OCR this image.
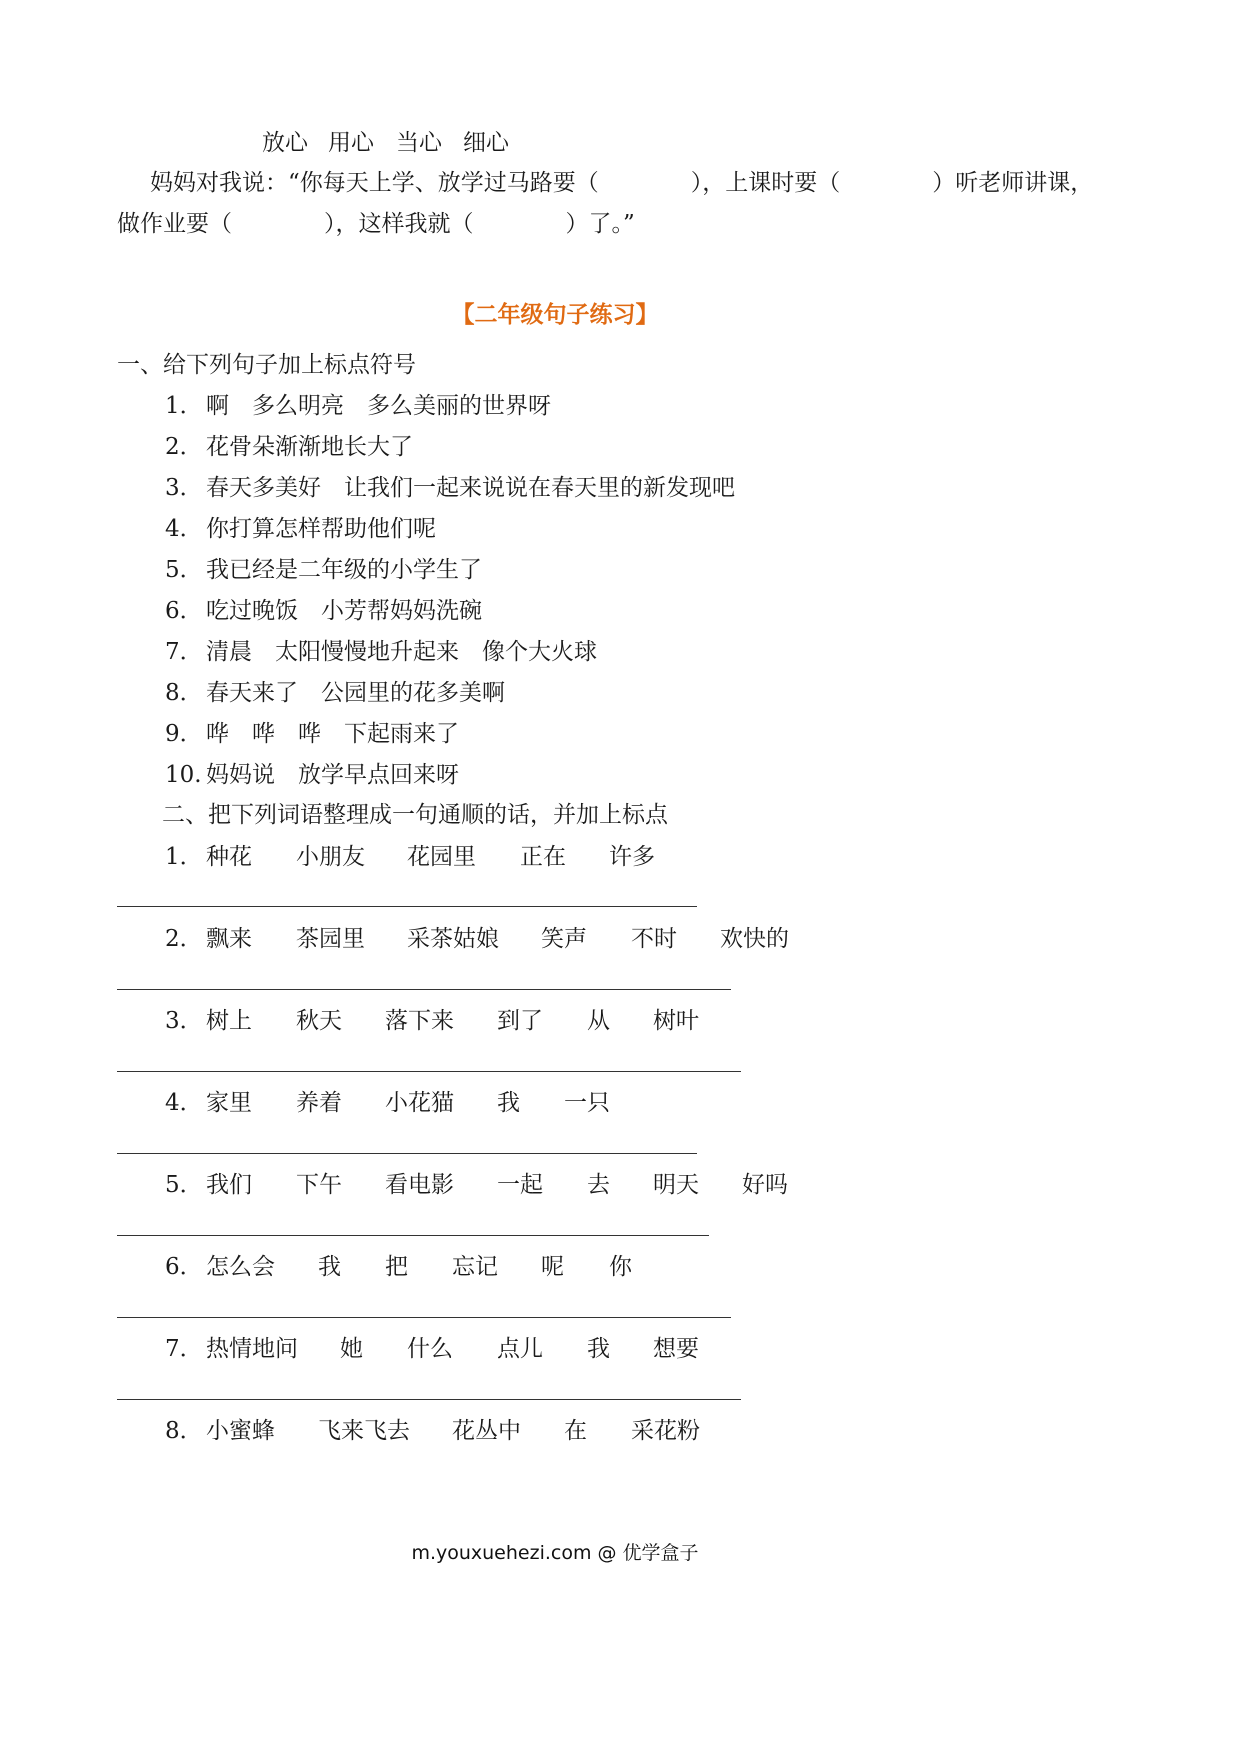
放心 用心 当心 细心
妈妈对我说：“你每天上学、放学过马路要（　　　　），上课时要（　　　　）听老师讲课，
做作业要（　　　　），这样我就（　　　　）了。”
【二年级句子练习】
一、给下列句子加上标点符号
1． 啊　多么明亮　多么美丽的世界呀
2． 花骨朵渐渐地长大了
3． 春天多美好　让我们一起来说说在春天里的新发现吧
4． 你打算怎样帮助他们呢
5． 我已经是二年级的小学生了
6． 吃过晚饭　小芳帮妈妈洗碗
7． 清晨　太阳慢慢地升起来　像个大火球
8． 春天来了　公园里的花多美啊
9． 哗　哗　哗　下起雨来了
10. 妈妈说　放学早点回来呀
二、把下列词语整理成一句通顺的话，并加上标点
1． 种花 小朋友 花园里 正在 许多
2． 飘来 茶园里 采茶姑娘 笑声 不时 欢快的
3． 树上 秋天 落下来 到了 从 树叶
4． 家里 养着 小花猫 我 一只
5． 我们 下午 看电影 一起 去 明天 好吗
6． 怎么会 我 把 忘记 呢 你
7． 热情地问 她 什么 点儿 我 想要
8． 小蜜蜂 飞来飞去 花丛中 在 采花粉
m.youxuehezi.com @ 优学盒子
